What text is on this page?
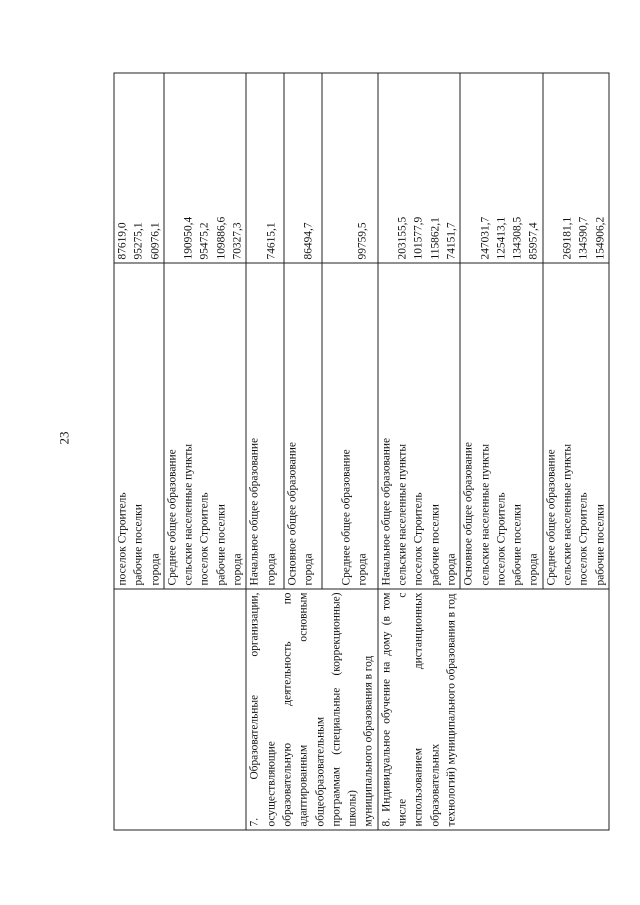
23

	поселок Строитель рабочие поселки города	87619,0 95275,1 60976,1

	Среднее общее образование сельские населенные пункты поселок Строитель рабочие поселки города	190950,4 95475,2 109886,6 70327,3

7. Образовательные организации, осуществляющие образовательную деятельность по адаптированным основным общеобразовательным программам (специальные (коррекционные) школы) муниципального образования в год	Начальное общее образование города	74615,1

	Основное общее образование города	86494,7

	Среднее общее образование города	99759,5

8. Индивидуальное обучение на дому (в том числе с использованием дистанционных образовательных технологий) муниципального образования в год	Начальное общее образование сельские населенные пункты поселок Строитель рабочие поселки города	203155,5 101577,9 115862,1 74151,7

	Основное общее образование сельские населенные пункты поселок Строитель рабочие поселки города	247031,7 125413,1 134308,5 85957,4

	Среднее общее образование сельские населенные пункты поселок Строитель рабочие поселки	269181,1 134590,7 154906,2
